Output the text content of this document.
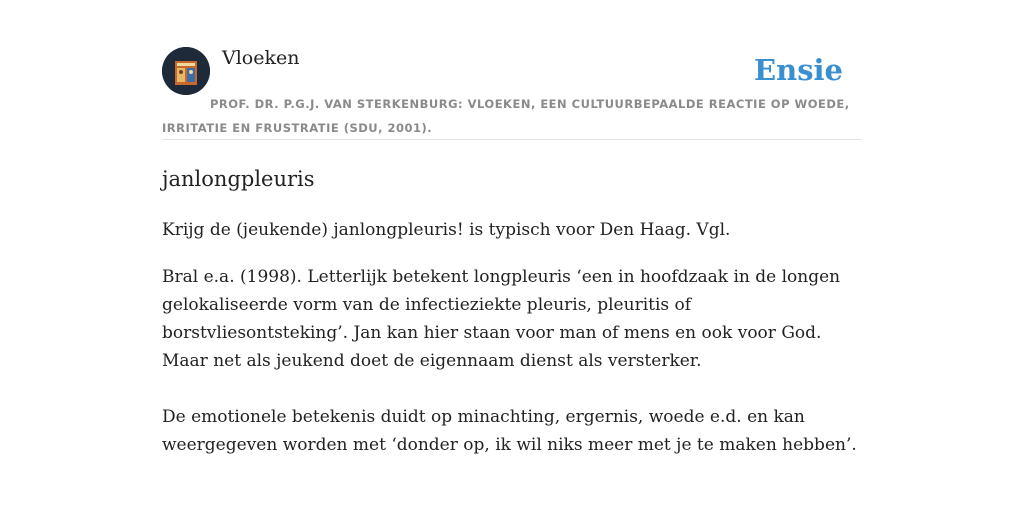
Vloeken	Ensie
PROF. DR. P.G.J. VAN STERKENBURG: VLOEKEN, EEN CULTUURBEPAALDE REACTIE OP WOEDE, IRRITATIE EN FRUSTRATIE (SDU, 2001).
janlongpleuris

Krijg de (jeukende) janlongpleuris! is typisch voor Den Haag. Vgl.

Bral e.a. (1998). Letterlijk betekent longpleuris ‘een in hoofdzaak in de longen gelokaliseerde vorm van de infectieziekte pleuris, pleuritis of borstvliesontsteking’. Jan kan hier staan voor man of mens en ook voor God. Maar net als jeukend doet de eigennaam dienst als versterker.

De emotionele betekenis duidt op minachting, ergernis, woede e.d. en kan weergegeven worden met ‘donder op, ik wil niks meer met je te maken hebben’.
